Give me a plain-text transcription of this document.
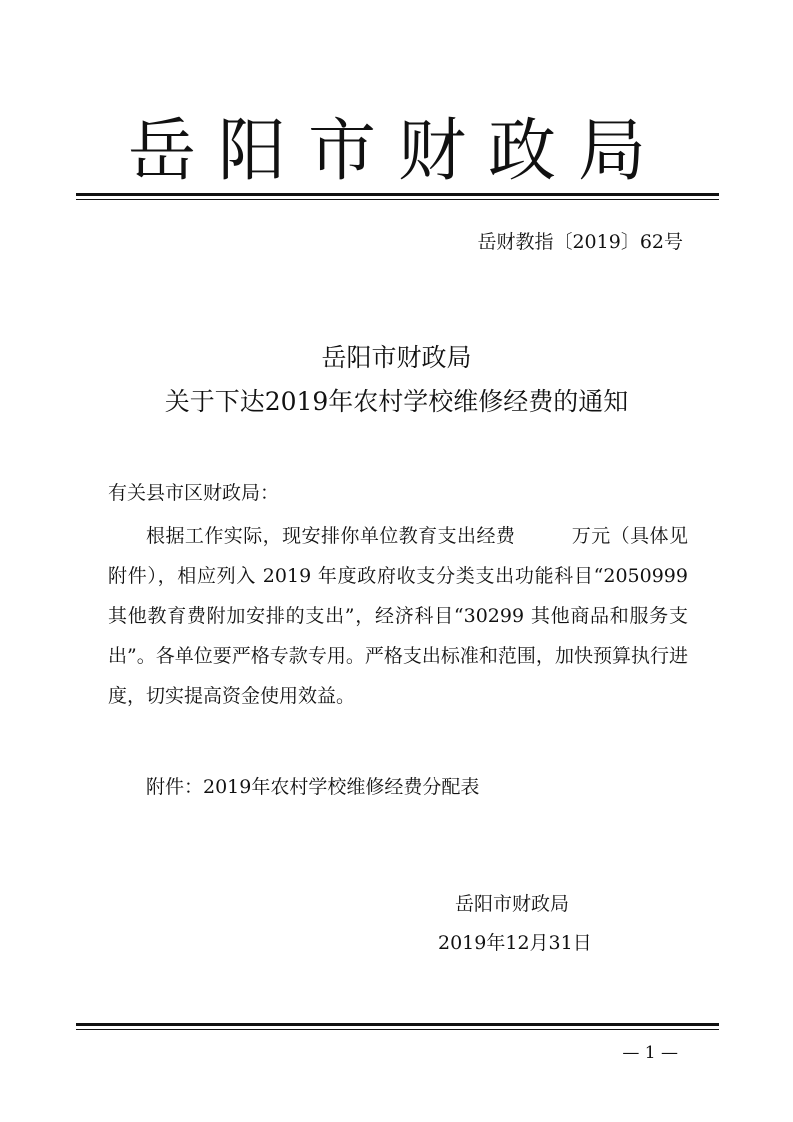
岳阳市财政局
岳财教指〔2019〕62号
岳阳市财政局
关于下达2019年农村学校维修经费的通知
有关县市区财政局：

根据工作实际，现安排你单位教育支出经费	万元（具体见附件），相应列入 2019 年度政府收支分类支出功能科目“2050999 其他教育费附加安排的支出”，经济科目“30299 其他商品和服务支出”。各单位要严格专款专用。严格支出标准和范围，加快预算执行进度，切实提高资金使用效益。

附件：2019年农村学校维修经费分配表
岳阳市财政局
2019年12月31日
— 1 —
